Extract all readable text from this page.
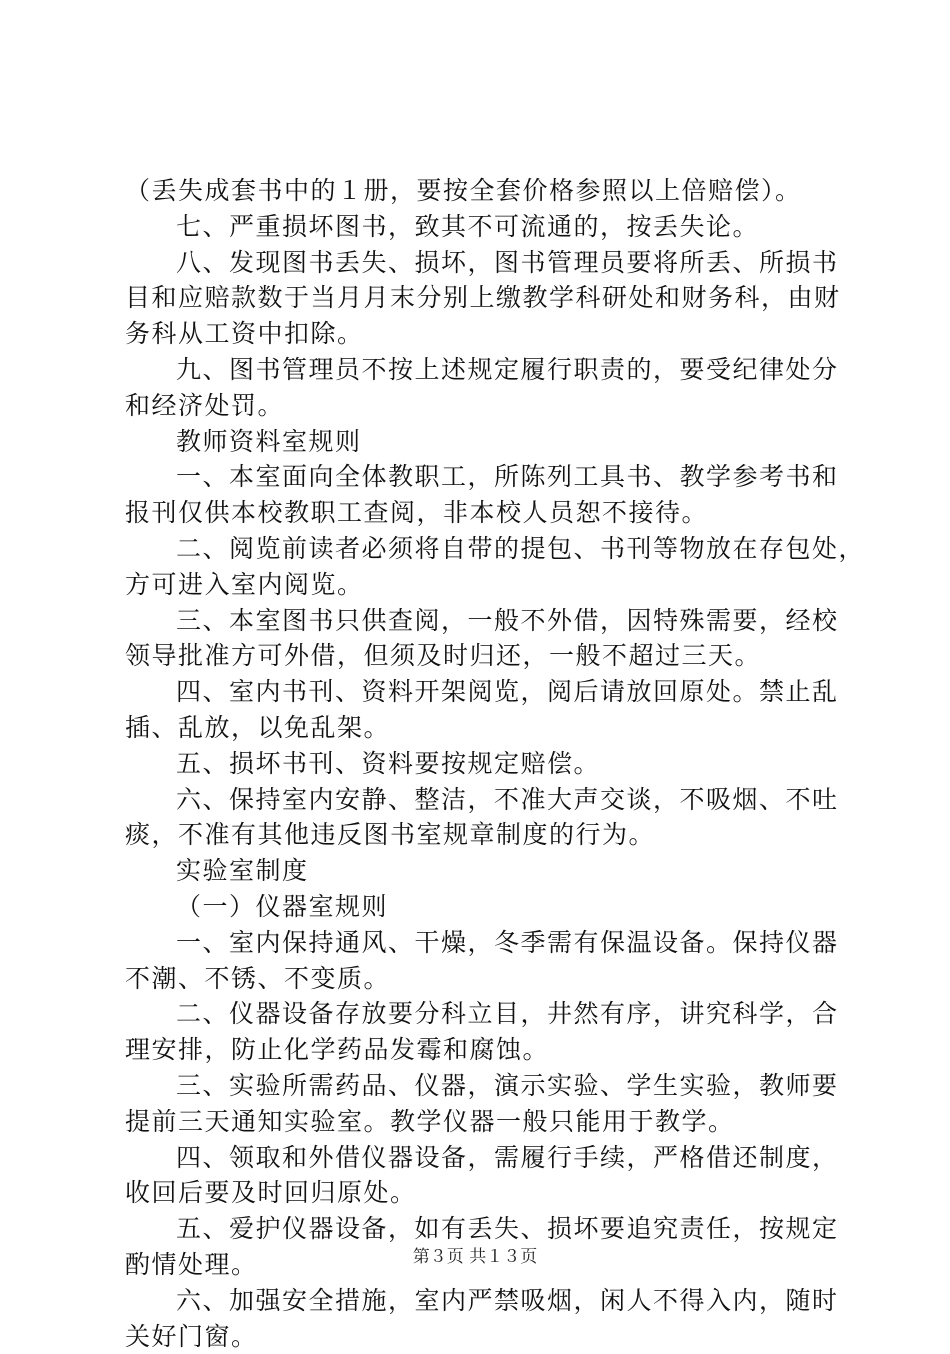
（丢失成套书中的１册，要按全套价格参照以上倍赔偿）。
七、严重损坏图书，致其不可流通的，按丢失论。
八、发现图书丢失、损坏，图书管理员要将所丢、所损书
目和应赔款数于当月月末分别上缴教学科研处和财务科，由财
务科从工资中扣除。
九、图书管理员不按上述规定履行职责的，要受纪律处分
和经济处罚。
教师资料室规则
一、本室面向全体教职工，所陈列工具书、教学参考书和
报刊仅供本校教职工查阅，非本校人员恕不接待。
二、阅览前读者必须将自带的提包、书刊等物放在存包处，
方可进入室内阅览。
三、本室图书只供查阅，一般不外借，因特殊需要，经校
领导批准方可外借，但须及时归还，一般不超过三天。
四、室内书刊、资料开架阅览，阅后请放回原处。禁止乱
插、乱放，以免乱架。
五、损坏书刊、资料要按规定赔偿。
六、保持室内安静、整洁，不准大声交谈，不吸烟、不吐
痰，不准有其他违反图书室规章制度的行为。
实验室制度
（一）仪器室规则
一、室内保持通风、干燥，冬季需有保温设备。保持仪器
不潮、不锈、不变质。
二、仪器设备存放要分科立目，井然有序，讲究科学，合
理安排，防止化学药品发霉和腐蚀。
三、实验所需药品、仪器，演示实验、学生实验，教师要
提前三天通知实验室。教学仪器一般只能用于教学。
四、领取和外借仪器设备，需履行手续，严格借还制度，
收回后要及时回归原处。
五、爱护仪器设备，如有丢失、损坏要追究责任，按规定
酌情处理。
六、加强安全措施，室内严禁吸烟，闲人不得入内，随时
关好门窗。
第３页 共１３页
